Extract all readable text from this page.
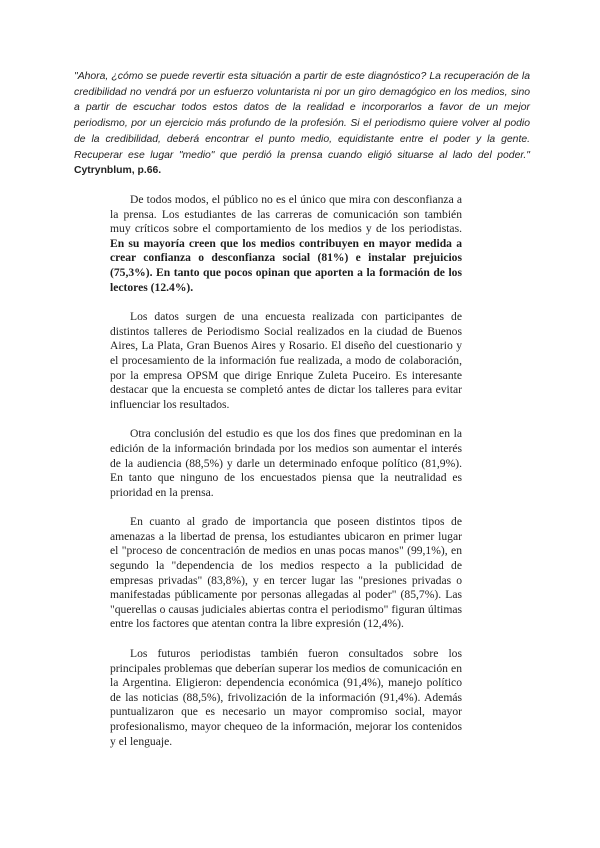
"Ahora, ¿cómo se puede revertir esta situación a partir de este diagnóstico? La recuperación de la credibilidad no vendrá por un esfuerzo voluntarista ni por un giro demagógico en los medios, sino a partir de escuchar todos estos datos de la realidad e incorporarlos a favor de un mejor periodismo, por un ejercicio más profundo de la profesión. Si el periodismo quiere volver al podio de la credibilidad, deberá encontrar el punto medio, equidistante entre el poder y la gente. Recuperar ese lugar "medio" que perdió la prensa cuando eligió situarse al lado del poder." Cytrynblum, p.66.

De todos modos, el público no es el único que mira con desconfianza a la prensa. Los estudiantes de las carreras de comunicación son también muy críticos sobre el comportamiento de los medios y de los periodistas. En su mayoría creen que los medios contribuyen en mayor medida a crear confianza o desconfianza social (81%) e instalar prejuicios (75,3%). En tanto que pocos opinan que aporten a la formación de los lectores (12.4%).

Los datos surgen de una encuesta realizada con participantes de distintos talleres de Periodismo Social realizados en la ciudad de Buenos Aires, La Plata, Gran Buenos Aires y Rosario. El diseño del cuestionario y el procesamiento de la información fue realizada, a modo de colaboración, por la empresa OPSM que dirige Enrique Zuleta Puceiro. Es interesante destacar que la encuesta se completó antes de dictar los talleres para evitar influenciar los resultados.

Otra conclusión del estudio es que los dos fines que predominan en la edición de la información brindada por los medios son aumentar el interés de la audiencia (88,5%) y darle un determinado enfoque político (81,9%). En tanto que ninguno de los encuestados piensa que la neutralidad es prioridad en la prensa.

En cuanto al grado de importancia que poseen distintos tipos de amenazas a la libertad de prensa, los estudiantes ubicaron en primer lugar el "proceso de concentración de medios en unas pocas manos" (99,1%), en segundo la "dependencia de los medios respecto a la publicidad de empresas privadas" (83,8%), y en tercer lugar las "presiones privadas o manifestadas públicamente por personas allegadas al poder" (85,7%). Las "querellas o causas judiciales abiertas contra el periodismo" figuran últimas entre los factores que atentan contra la libre expresión (12,4%).

Los futuros periodistas también fueron consultados sobre los principales problemas que deberían superar los medios de comunicación en la Argentina. Eligieron: dependencia económica (91,4%), manejo político de las noticias (88,5%), frivolización de la información (91,4%). Además puntualizaron que es necesario un mayor compromiso social, mayor profesionalismo, mayor chequeo de la información, mejorar los contenidos y el lenguaje.
